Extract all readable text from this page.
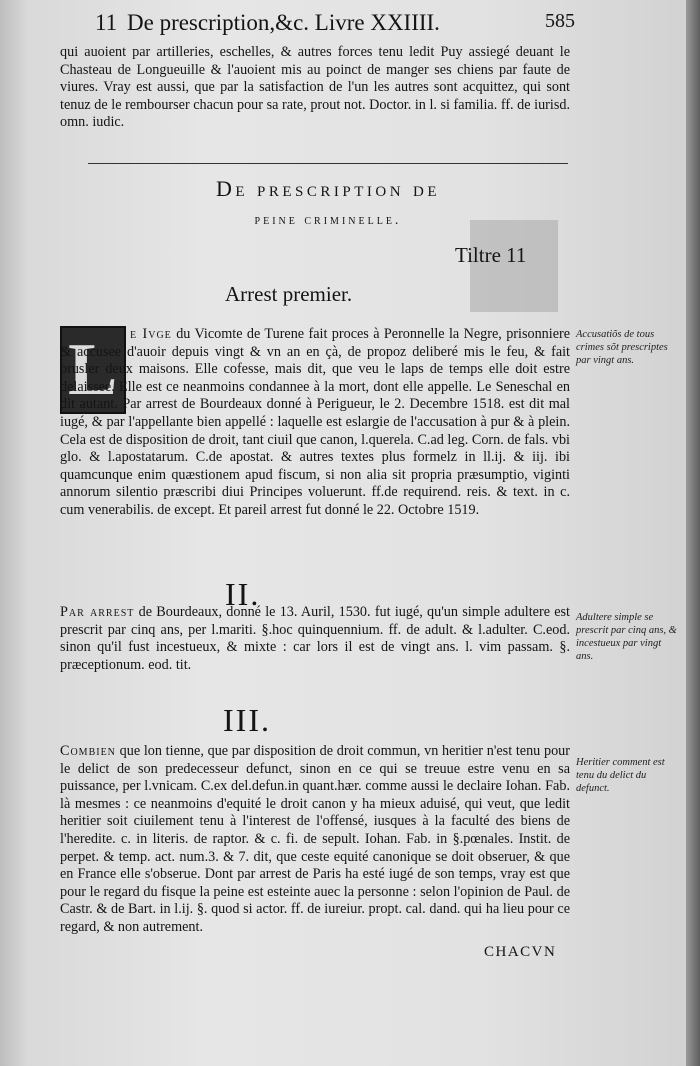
11 De prescription,&c. Livre XXIIII.	585

qui auoient par artilleries, eschelles, & autres forces tenu ledit Puy assiegé deuant le Chasteau de Longueuille & l'auoient mis au poinct de manger ses chiens par faute de viures. Vray est aussi, que par la satisfaction de l'un les autres sont acquittez, qui sont tenuz de le rembourser chacun pour sa rate, prout not. Doctor. in l. si familia. ff. de iurisd. omn. iudic.

De prescription de
peine criminelle.
Tiltre 11
Arrest premier.
L e Ivge du Vicomte de Turene fait proces à Peronnelle la Negre, prisonniere & accusee d'auoir depuis vingt & vn an en çà, de propoz deliberé mis le feu, & fait brusler deux maisons. Elle cofesse, mais dit, que veu le laps de temps elle doit estre delaissee. Elle est ce neanmoins condannee à la mort, dont elle appelle. Le Seneschal en dit autant. Par arrest de Bourdeaux donné à Perigueur, le 2. Decembre 1518. est dit mal iugé, & par l'appellante bien appellé : laquelle est eslargie de l'accusation à pur & à plein. Cela est de disposition de droit, tant ciuil que canon, l.querela. C.ad leg. Corn. de fals. vbi glo. & l.apostatarum. C.de apostat. & autres textes plus formelz in ll.ij. & iij. ibi quamcunque enim quæstionem apud fiscum, si non alia sit propria præsumptio, viginti annorum silentio præscribi diui Principes voluerunt. ff.de requirend. reis. & text. in c. cum venerabilis. de except. Et pareil arrest fut donné le 22. Octobre 1519.

II.

Par arrest de Bourdeaux, donné le 13. Auril, 1530. fut iugé, qu'un simple adultere est prescrit par cinq ans, per l.mariti. §.hoc quinquennium. ff. de adult. & l.adulter. C.eod. sinon qu'il fust incestueux, & mixte : car lors il est de vingt ans. l. vim passam. §. præceptionum. eod. tit.

III.

Combien que lon tienne, que par disposition de droit commun, vn heritier n'est tenu pour le delict de son predecesseur defunct, sinon en ce qui se treuue estre venu en sa puissance, per l.vnicam. C.ex del.defun.in quant.hær. comme aussi le declaire Iohan. Fab. là mesmes : ce neanmoins d'equité le droit canon y ha mieux aduisé, qui veut, que ledit heritier soit ciuilement tenu à l'interest de l'offensé, iusques à la faculté des biens de l'heredite. c. in literis. de raptor. & c. fi. de sepult. Iohan. Fab. in §.pœnales. Instit. de perpet. & temp. act. num.3. & 7. dit, que ceste equité canonique se doit obseruer, & que en France elle s'obserue. Dont par arrest de Paris ha esté iugé de son temps, vray est que pour le regard du fisque la peine est esteinte auec la personne : selon l'opinion de Paul. de Castr. & de Bart. in l.ij. §. quod si actor. ff. de iureiur. propt. cal. dand. qui ha lieu pour ce regard, & non autrement.

Accusatiõs de tous crimes sõt prescriptes par vingt ans.
Adultere simple se prescrit par cinq ans, & incestueux par vingt ans.
Heritier comment est tenu du delict du defunct.
CHACVN
